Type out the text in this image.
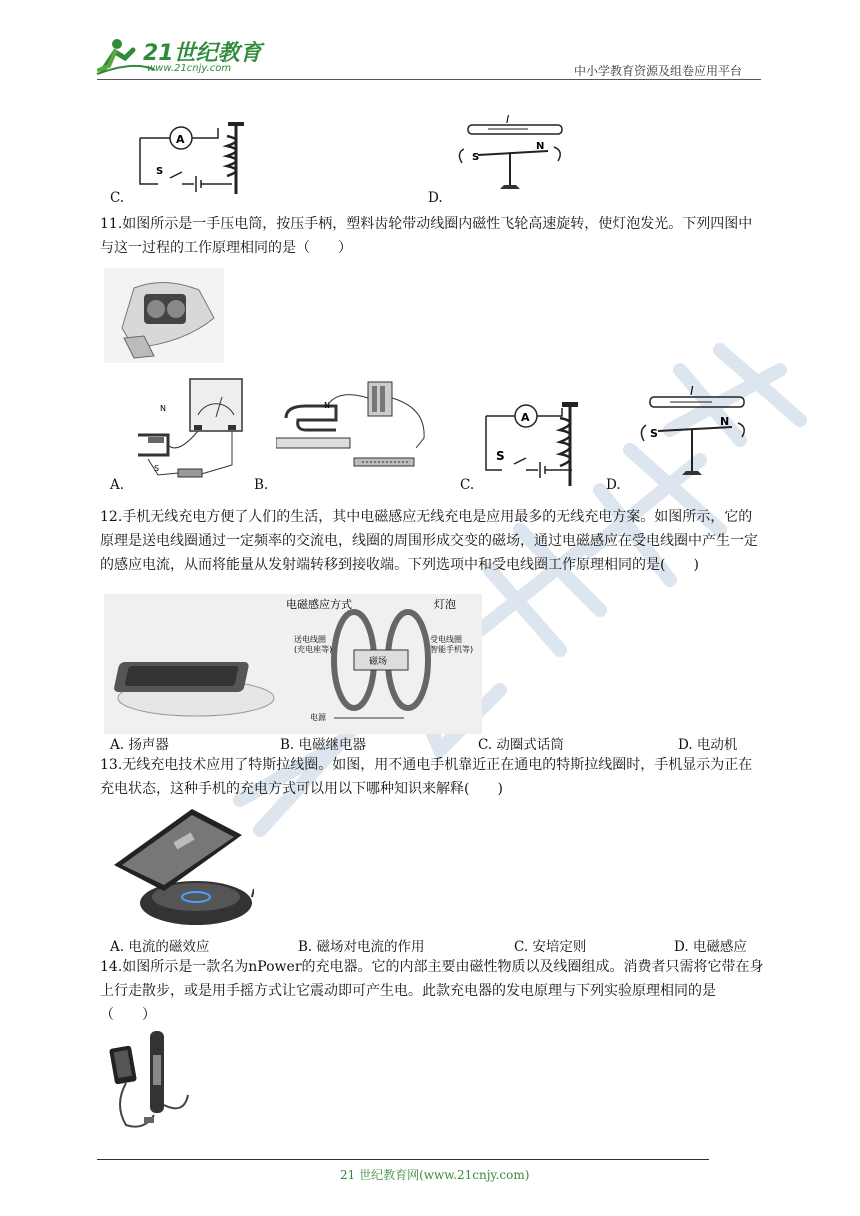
21世纪教育
www.21cnjy.com	中小学教育资源及组卷应用平台
A
S
C.
I
S
N
D.
11.如图所示是一手压电筒，按压手柄，塑料齿轮带动线圈内磁性飞轮高速旋转，使灯泡发光。下列四图中与这一过程的工作原理相同的是（　　）
N
S
A.
N
B.
A
S
C.
I
S
N
D.
12.手机无线充电方便了人们的生活，其中电磁感应无线充电是应用最多的无线充电方案。如图所示，它的原理是送电线圈通过一定频率的交流电，线圈的周围形成交变的磁场，通过电磁感应在受电线圈中产生一定的感应电流，从而将能量从发射端转移到接收端。下列选项中和受电线圈工作原理相同的是(　　)
电磁感应方式	灯泡
磁场
送电线圈
(充电座等)
受电线圈
智能手机等)
电源
A. 扬声器	B. 电磁继电器	C. 动圈式话筒	D. 电动机
13.无线充电技术应用了特斯拉线圈。如图，用不通电手机靠近正在通电的特斯拉线圈时，手机显示为正在充电状态，这种手机的充电方式可以用以下哪种知识来解释(　　)
A. 电流的磁效应	B. 磁场对电流的作用	C. 安培定则	D. 电磁感应
14.如图所示是一款名为nPower的充电器。它的内部主要由磁性物质以及线圈组成。消费者只需将它带在身上行走散步，或是用手摇方式让它震动即可产生电。此款充电器的发电原理与下列实验原理相同的是（　　）
21 世纪教育网(www.21cnjy.com)
